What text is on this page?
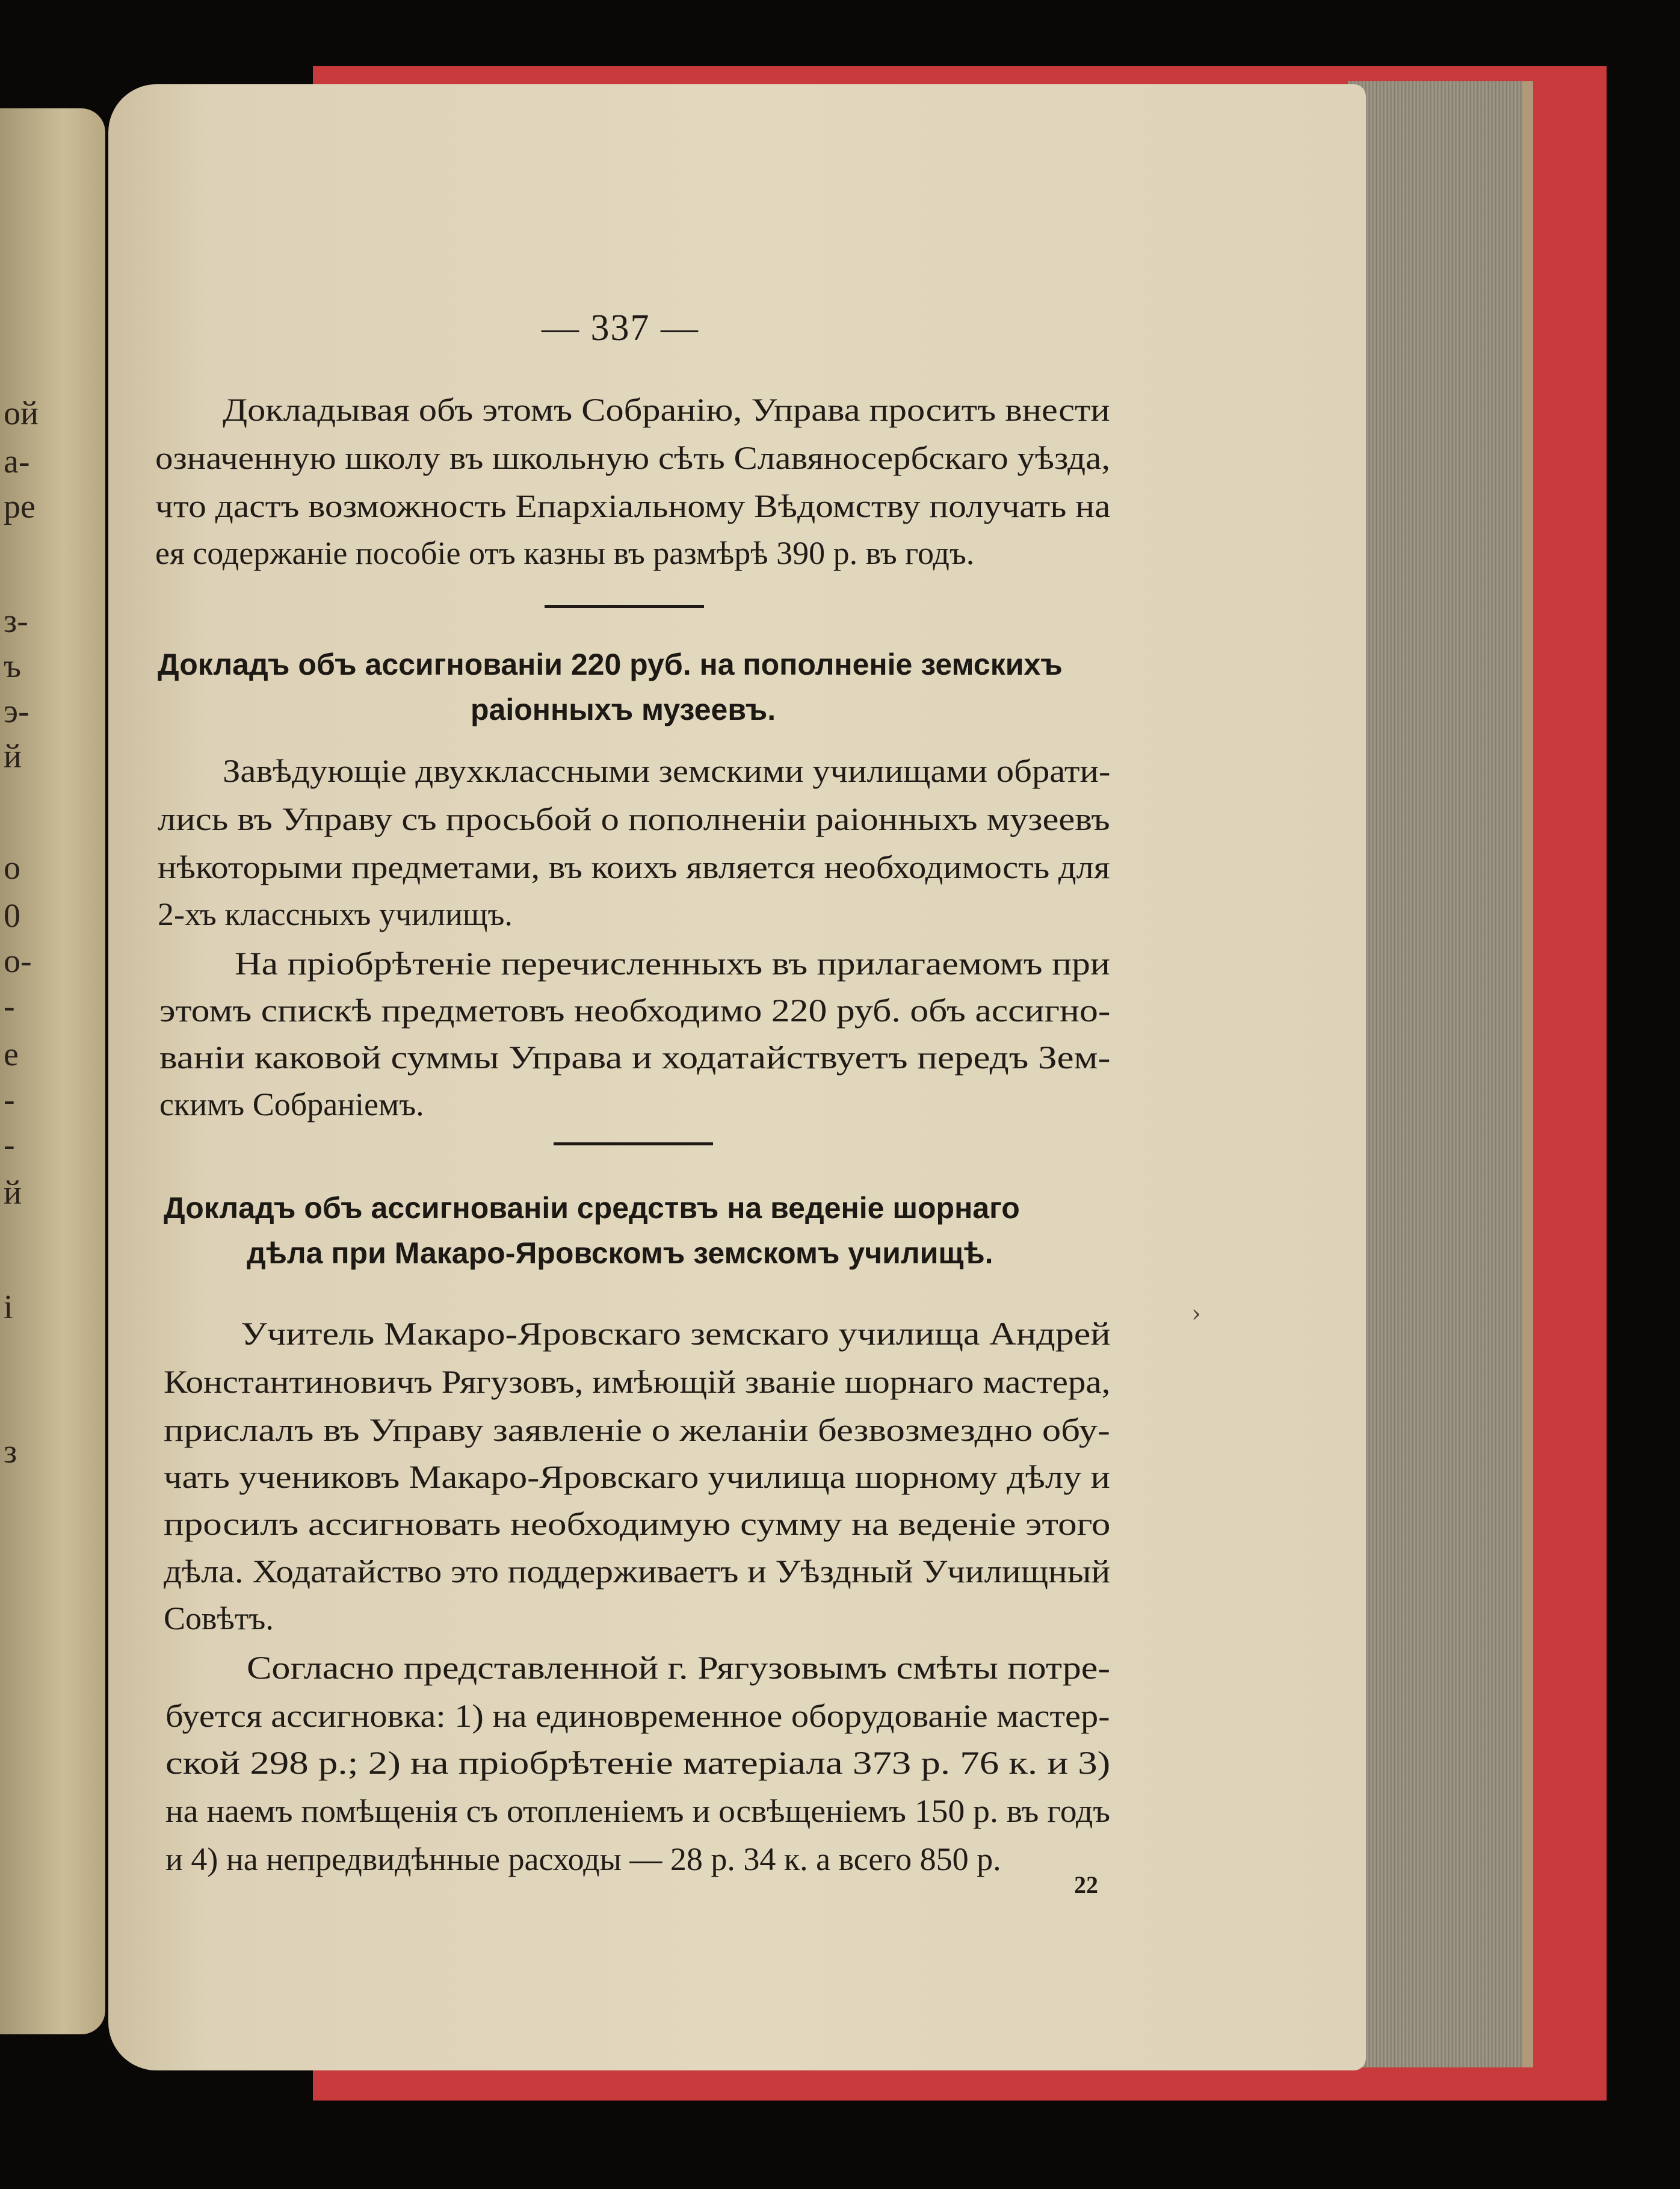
ой
а-
ре
з-
ъ
э-
й
о
0
о-
-
е
-
-
й
і
з
— 337 —
Докладывая объ этомъ Собранію, Управа проситъ внести
означенную школу въ школьную сѣть Славяносербскаго уѣзда,
что дастъ возможность Епархіальному Вѣдомству получать на
ея содержаніе пособіе отъ казны въ размѣрѣ 390 р. въ годъ.
Докладъ объ ассигнованіи 220 руб. на пополненіе земскихъ
раіонныхъ музеевъ.
Завѣдующіе двухклассными земскими училищами обрати-
лись въ Управу съ просьбой о пополненіи раіонныхъ музеевъ
нѣкоторыми предметами, въ коихъ является необходимость для
2-хъ классныхъ училищъ.
На пріобрѣтеніе перечисленныхъ въ прилагаемомъ при
этомъ спискѣ предметовъ необходимо 220 руб. объ ассигно-
ваніи каковой суммы Управа и ходатайствуетъ передъ Зем-
скимъ Собраніемъ.
Докладъ объ ассигнованіи средствъ на веденіе шорнаго
дѣла при Макаро-Яровскомъ земскомъ училищѣ.
Учитель Макаро-Яровскаго земскаго училища Андрей
Константиновичъ Рягузовъ, имѣющій званіе шорнаго мастера,
прислалъ въ Управу заявленіе о желаніи безвозмездно обу-
чать учениковъ Макаро-Яровскаго училища шорному дѣлу и
просилъ ассигновать необходимую сумму на веденіе этого
дѣла. Ходатайство это поддерживаетъ и Уѣздный Училищный
Совѣтъ.
Согласно представленной г. Рягузовымъ смѣты потре-
буется ассигновка: 1) на единовременное оборудованіе мастер-
ской 298 р.; 2) на пріобрѣтеніе матеріала 373 р. 76 к. и 3)
на наемъ помѣщенія съ отопленіемъ и освѣщеніемъ 150 р. въ годъ
и 4) на непредвидѣнные расходы — 28 р. 34 к. а всего 850 р.
22
›
